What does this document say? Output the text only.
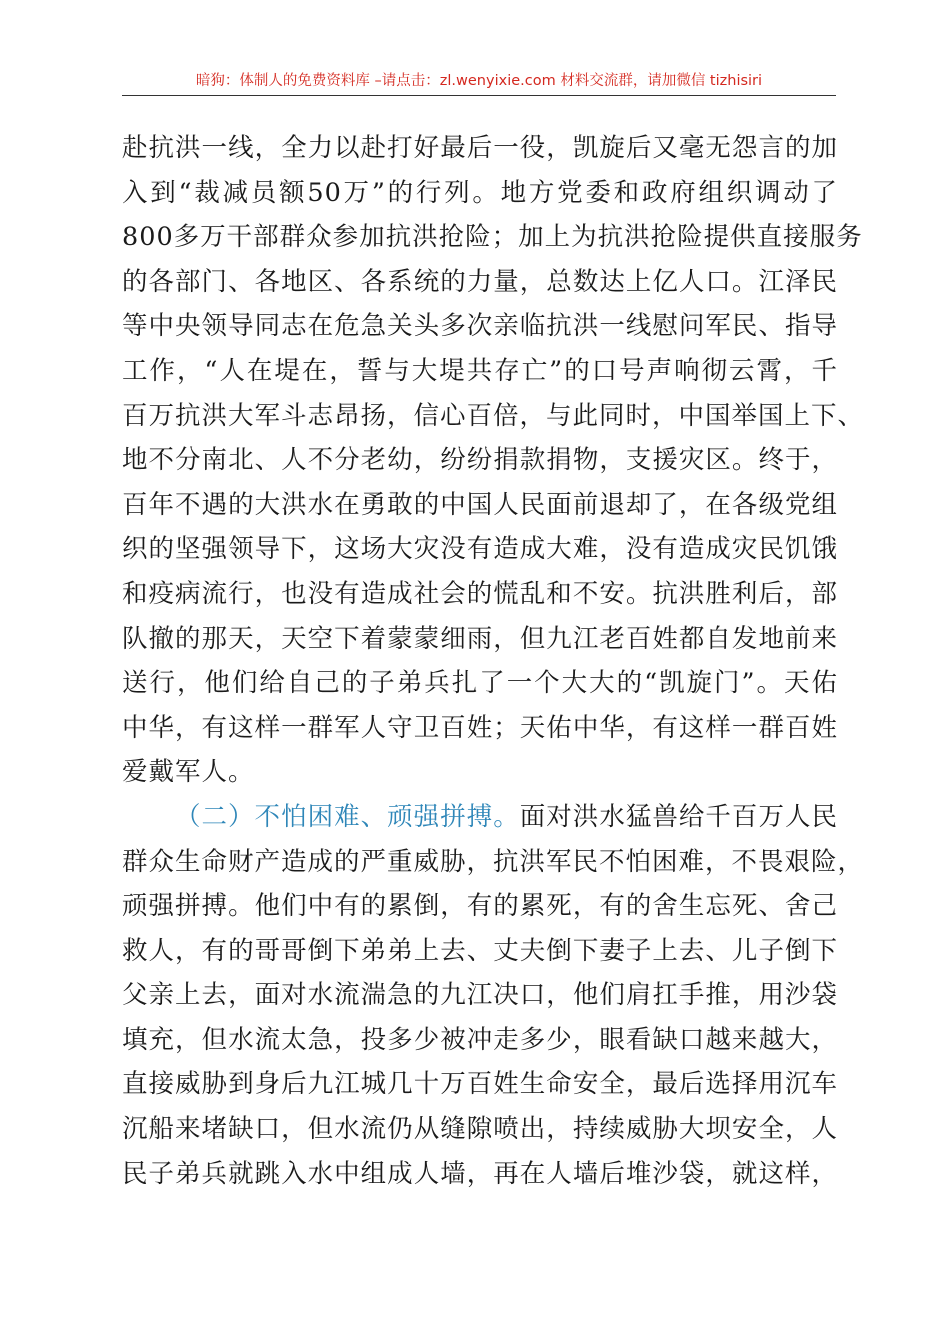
暗狗：体制人的免费资料库 –请点击：zl.wenyixie.com 材料交流群，请加微信 tizhisiri
赴抗洪一线，全力以赴打好最后一役，凯旋后又毫无怨言的加
入到“裁减员额50万”的行列。地方党委和政府组织调动了
800多万干部群众参加抗洪抢险；加上为抗洪抢险提供直接服务
的各部门、各地区、各系统的力量，总数达上亿人口。江泽民
等中央领导同志在危急关头多次亲临抗洪一线慰问军民、指导
工作，“人在堤在，誓与大堤共存亡”的口号声响彻云霄，千
百万抗洪大军斗志昂扬，信心百倍，与此同时，中国举国上下、
地不分南北、人不分老幼，纷纷捐款捐物，支援灾区。终于，
百年不遇的大洪水在勇敢的中国人民面前退却了，在各级党组
织的坚强领导下，这场大灾没有造成大难，没有造成灾民饥饿
和疫病流行，也没有造成社会的慌乱和不安。抗洪胜利后，部
队撤的那天，天空下着蒙蒙细雨，但九江老百姓都自发地前来
送行，他们给自己的子弟兵扎了一个大大的“凯旋门”。天佑
中华，有这样一群军人守卫百姓；天佑中华，有这样一群百姓
爱戴军人。
（二）不怕困难、顽强拼搏。面对洪水猛兽给千百万人民
群众生命财产造成的严重威胁，抗洪军民不怕困难，不畏艰险，
顽强拼搏。他们中有的累倒，有的累死，有的舍生忘死、舍己
救人，有的哥哥倒下弟弟上去、丈夫倒下妻子上去、儿子倒下
父亲上去，面对水流湍急的九江决口，他们肩扛手推，用沙袋
填充，但水流太急，投多少被冲走多少，眼看缺口越来越大，
直接威胁到身后九江城几十万百姓生命安全，最后选择用沉车
沉船来堵缺口，但水流仍从缝隙喷出，持续威胁大坝安全，人
民子弟兵就跳入水中组成人墙，再在人墙后堆沙袋，就这样，
